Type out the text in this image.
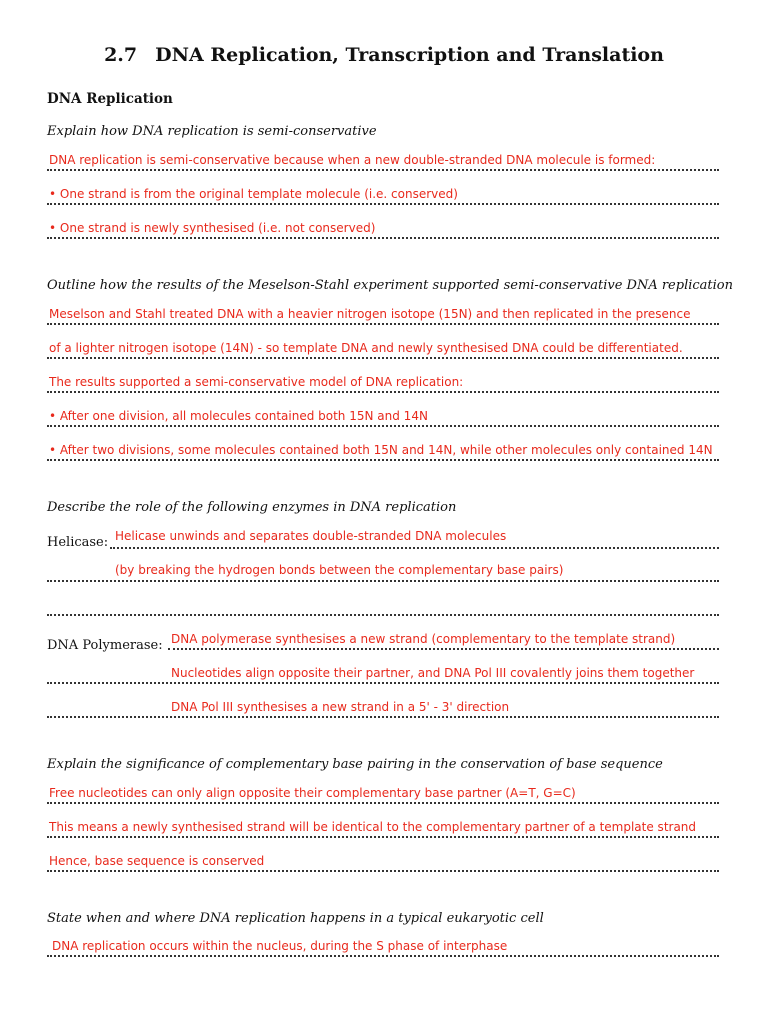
2.7 DNA Replication, Transcription and Translation
DNA Replication
Explain how DNA replication is semi-conservative
DNA replication is semi-conservative because when a new double-stranded DNA molecule is formed:
• One strand is from the original template molecule (i.e. conserved)
• One strand is newly synthesised (i.e. not conserved)
Outline how the results of the Meselson-Stahl experiment supported semi-conservative DNA replication
Meselson and Stahl treated DNA with a heavier nitrogen isotope (15N) and then replicated in the presence
of a lighter nitrogen isotope (14N) - so template DNA and newly synthesised DNA could be differentiated.
The results supported a semi-conservative model of DNA replication:
• After one division, all molecules contained both 15N and 14N
• After two divisions, some molecules contained both 15N and 14N, while other molecules only contained 14N
Describe the role of the following enzymes in DNA replication
Helicase: Helicase unwinds and separates double-stranded DNA molecules
(by breaking the hydrogen bonds between the complementary base pairs)
DNA Polymerase: DNA polymerase synthesises a new strand (complementary to the template strand)
Nucleotides align opposite their partner, and DNA Pol III covalently joins them together
DNA Pol III synthesises a new strand in a 5' - 3' direction
Explain the significance of complementary base pairing in the conservation of base sequence
Free nucleotides can only align opposite their complementary base partner (A=T, G=C)
This means a newly synthesised strand will be identical to the complementary partner of a template strand
Hence, base sequence is conserved
State when and where DNA replication happens in a typical eukaryotic cell
DNA replication occurs within the nucleus, during the S phase of interphase
